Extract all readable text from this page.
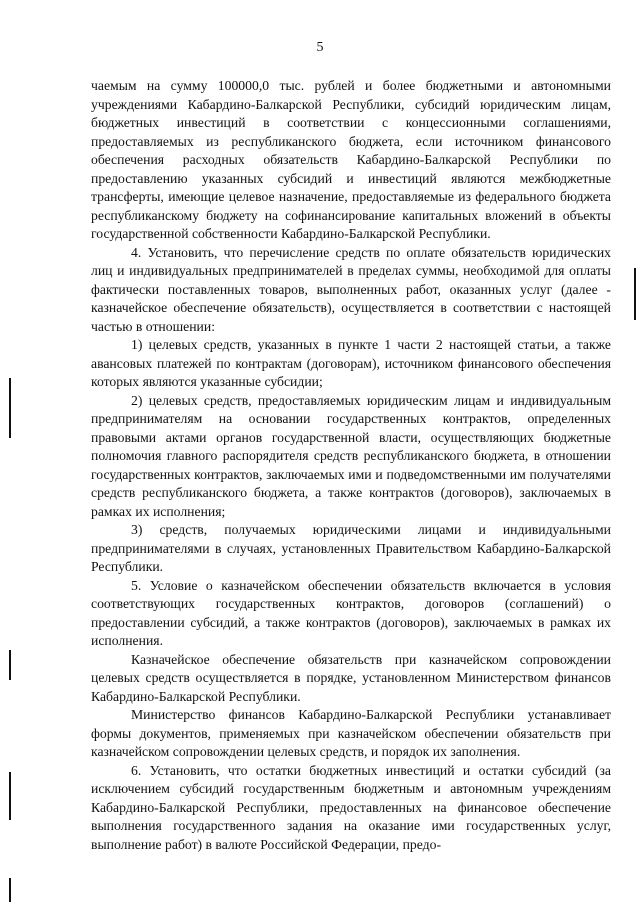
5

чаемым на сумму 100000,0 тыс. рублей и более бюджетными и автономными учреждениями Кабардино-Балкарской Республики, субсидий юридическим лицам, бюджетных инвестиций в соответствии с концессионными соглашениями, предоставляемых из республиканского бюджета, если источником финансового обеспечения расходных обязательств Кабардино-Балкарской Республики по предоставлению указанных субсидий и инвестиций являются межбюджетные трансферты, имеющие целевое назначение, предоставляемые из федерального бюджета республиканскому бюджету на софинансирование капитальных вложений в объекты государственной собственности Кабардино-Балкарской Республики.

4. Установить, что перечисление средств по оплате обязательств юридических лиц и индивидуальных предпринимателей в пределах суммы, необходимой для оплаты фактически поставленных товаров, выполненных работ, оказанных услуг (далее - казначейское обеспечение обязательств), осуществляется в соответствии с настоящей частью в отношении:

1) целевых средств, указанных в пункте 1 части 2 настоящей статьи, а также авансовых платежей по контрактам (договорам), источником финансового обеспечения которых являются указанные субсидии;

2) целевых средств, предоставляемых юридическим лицам и индивидуальным предпринимателям на основании государственных контрактов, определенных правовыми актами органов государственной власти, осуществляющих бюджетные полномочия главного распорядителя средств республиканского бюджета, в отношении государственных контрактов, заключаемых ими и подведомственными им получателями средств республиканского бюджета, а также контрактов (договоров), заключаемых в рамках их исполнения;

3) средств, получаемых юридическими лицами и индивидуальными предпринимателями в случаях, установленных Правительством Кабардино-Балкарской Республики.

5. Условие о казначейском обеспечении обязательств включается в условия соответствующих государственных контрактов, договоров (соглашений) о предоставлении субсидий, а также контрактов (договоров), заключаемых в рамках их исполнения.

Казначейское обеспечение обязательств при казначейском сопровождении целевых средств осуществляется в порядке, установленном Министерством финансов Кабардино-Балкарской Республики.

Министерство финансов Кабардино-Балкарской Республики устанавливает формы документов, применяемых при казначейском обеспечении обязательств при казначейском сопровождении целевых средств, и порядок их заполнения.

6. Установить, что остатки бюджетных инвестиций и остатки субсидий (за исключением субсидий государственным бюджетным и автономным учреждениям Кабардино-Балкарской Республики, предоставленных на финансовое обеспечение выполнения государственного задания на оказание ими государственных услуг, выполнение работ) в валюте Российской Федерации, предо-
